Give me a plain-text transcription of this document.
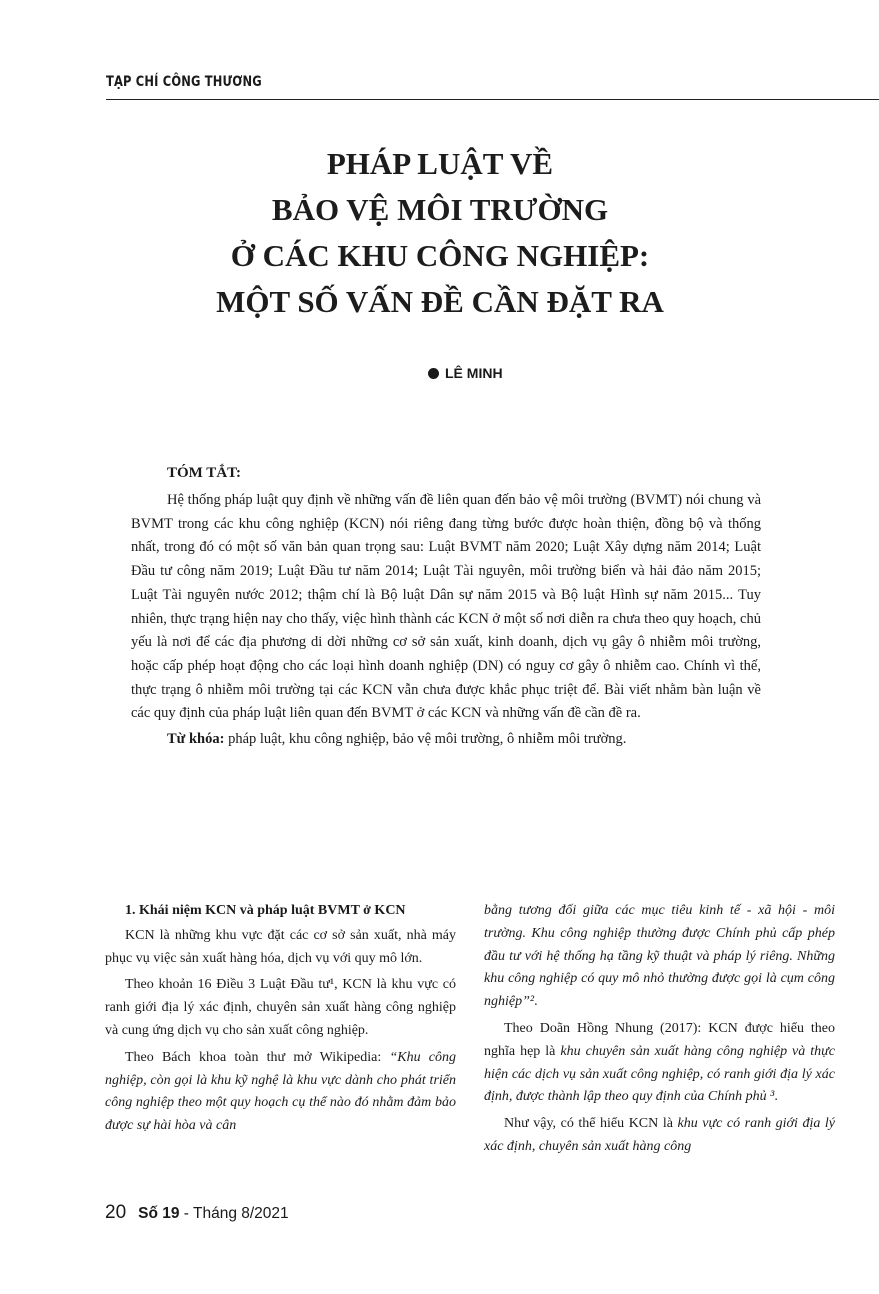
TẠP CHÍ CÔNG THƯƠNG
PHÁP LUẬT VỀ
BẢO VỆ MÔI TRƯỜNG
Ở CÁC KHU CÔNG NGHIỆP:
MỘT SỐ VẤN ĐỀ CẦN ĐẶT RA
LÊ MINH
TÓM TẮT:

Hệ thống pháp luật quy định về những vấn đề liên quan đến bảo vệ môi trường (BVMT) nói chung và BVMT trong các khu công nghiệp (KCN) nói riêng đang từng bước được hoàn thiện, đồng bộ và thống nhất, trong đó có một số văn bản quan trọng sau: Luật BVMT năm 2020; Luật Xây dựng năm 2014; Luật Đầu tư công năm 2019; Luật Đầu tư năm 2014; Luật Tài nguyên, môi trường biển và hải đảo năm 2015; Luật Tài nguyên nước 2012; thậm chí là Bộ luật Dân sự năm 2015 và Bộ luật Hình sự năm 2015... Tuy nhiên, thực trạng hiện nay cho thấy, việc hình thành các KCN ở một số nơi diễn ra chưa theo quy hoạch, chủ yếu là nơi để các địa phương di dời những cơ sở sản xuất, kinh doanh, dịch vụ gây ô nhiễm môi trường, hoặc cấp phép hoạt động cho các loại hình doanh nghiệp (DN) có nguy cơ gây ô nhiễm cao. Chính vì thế, thực trạng ô nhiễm môi trường tại các KCN vẫn chưa được khắc phục triệt để. Bài viết nhằm bàn luận về các quy định của pháp luật liên quan đến BVMT ở các KCN và những vấn đề cần đề ra.

Từ khóa: pháp luật, khu công nghiệp, bảo vệ môi trường, ô nhiễm môi trường.

1. Khái niệm KCN và pháp luật BVMT ở KCN

KCN là những khu vực đặt các cơ sở sản xuất, nhà máy phục vụ việc sản xuất hàng hóa, dịch vụ với quy mô lớn.

Theo khoản 16 Điều 3 Luật Đầu tư¹, KCN là khu vực có ranh giới địa lý xác định, chuyên sản xuất hàng công nghiệp và cung ứng dịch vụ cho sản xuất công nghiệp.

Theo Bách khoa toàn thư mở Wikipedia: “Khu công nghiệp, còn gọi là khu kỹ nghệ là khu vực dành cho phát triển công nghiệp theo một quy hoạch cụ thể nào đó nhằm đảm bảo được sự hài hòa và cân

bằng tương đối giữa các mục tiêu kinh tế - xã hội - môi trường. Khu công nghiệp thường được Chính phủ cấp phép đầu tư với hệ thống hạ tầng kỹ thuật và pháp lý riêng. Những khu công nghiệp có quy mô nhỏ thường được gọi là cụm công nghiệp”².

Theo Doãn Hồng Nhung (2017): KCN được hiểu theo nghĩa hẹp là khu chuyên sản xuất hàng công nghiệp và thực hiện các dịch vụ sản xuất công nghiệp, có ranh giới địa lý xác định, được thành lập theo quy định của Chính phủ ³.

Như vậy, có thể hiểu KCN là khu vực có ranh giới địa lý xác định, chuyên sản xuất hàng công

20 Số 19 - Tháng 8/2021
